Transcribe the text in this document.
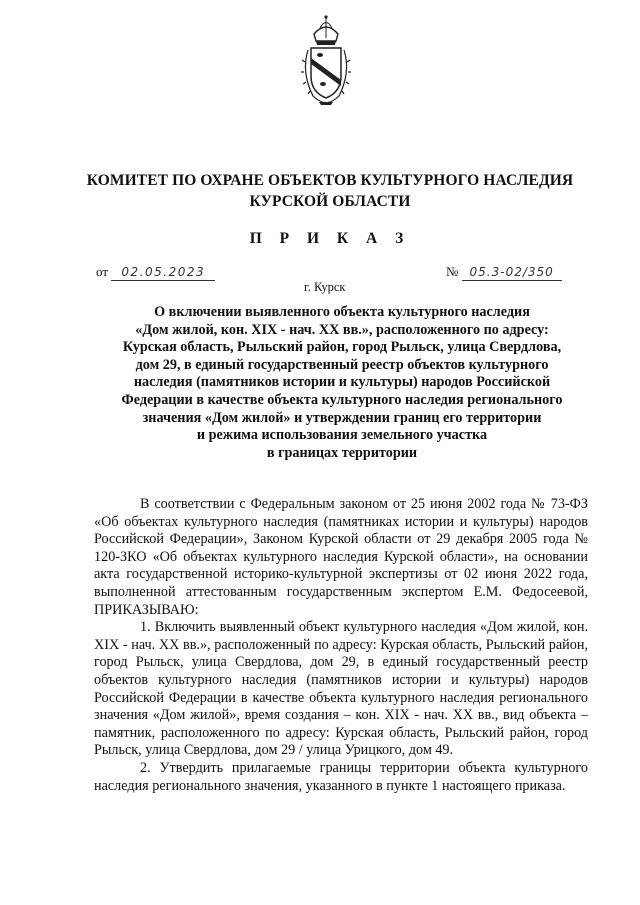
КОМИТЕТ ПО ОХРАНЕ ОБЪЕКТОВ КУЛЬТУРНОГО НАСЛЕДИЯ
КУРСКОЙ ОБЛАСТИ
П Р И К А З
от 02.05.2023	№ 05.3-02/350
г. Курск
О включении выявленного объекта культурного наследия
«Дом жилой, кон. XIX - нач. XX вв.», расположенного по адресу:
Курская область, Рыльский район, город Рыльск, улица Свердлова,
дом 29, в единый государственный реестр объектов культурного
наследия (памятников истории и культуры) народов Российской
Федерации в качестве объекта культурного наследия регионального
значения «Дом жилой» и утверждении границ его территории
и режима использования земельного участка
в границах территории

В соответствии с Федеральным законом от 25 июня 2002 года № 73-ФЗ «Об объектах культурного наследия (памятниках истории и культуры) народов Российской Федерации», Законом Курской области от 29 декабря 2005 года № 120-ЗКО «Об объектах культурного наследия Курской области», на основании акта государственной историко-культурной экспертизы от 02 июня 2022 года, выполненной аттестованным государственным экспертом Е.М. Федосеевой, ПРИКАЗЫВАЮ:

1. Включить выявленный объект культурного наследия «Дом жилой, кон. XIX - нач. XX вв.», расположенный по адресу: Курская область, Рыльский район, город Рыльск, улица Свердлова, дом 29, в единый государственный реестр объектов культурного наследия (памятников истории и культуры) народов Российской Федерации в качестве объекта культурного наследия регионального значения «Дом жилой», время создания – кон. XIX - нач. XX вв., вид объекта – памятник, расположенного по адресу: Курская область, Рыльский район, город Рыльск, улица Свердлова, дом 29 / улица Урицкого, дом 49.

2. Утвердить прилагаемые границы территории объекта культурного наследия регионального значения, указанного в пункте 1 настоящего приказа.
